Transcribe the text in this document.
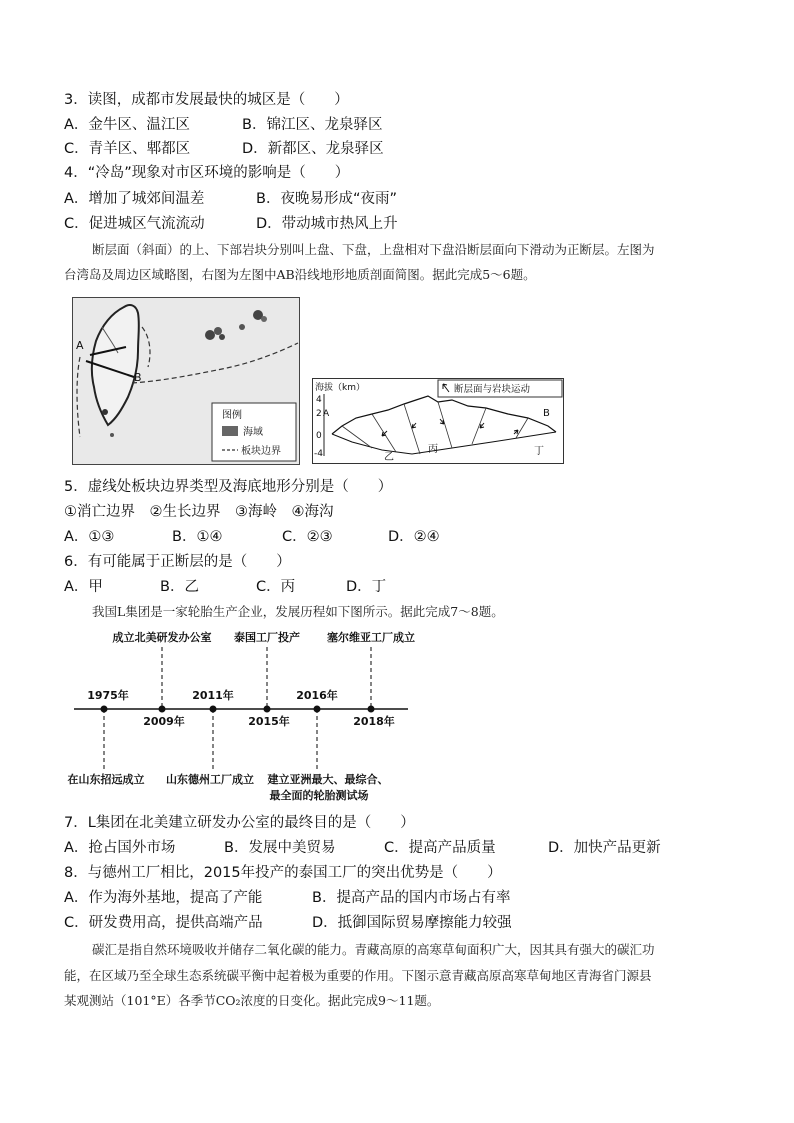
3．读图，成都市发展最快的城区是（　　）
A．金牛区、温江区	B．锦江区、龙泉驿区
C．青羊区、郫都区	D．新都区、龙泉驿区
4．“冷岛”现象对市区环境的影响是（　　）
A．增加了城郊间温差	B．夜晚易形成“夜雨”
C．促进城区气流流动	D．带动城市热风上升
断层面（斜面）的上、下部岩块分别叫上盘、下盘，上盘相对下盘沿断层面向下滑动为正断层。左图为
台湾岛及周边区域略图，右图为左图中AB沿线地形地质剖面简图。据此完成5～6题。
A
B
图例
海域
板块边界
海拔（km）
4
2 A
0
-4
B
乙
丙	丁
断层面与岩块运动
5．虚线处板块边界类型及海底地形分别是（　　）
①消亡边界　②生长边界　③海岭　④海沟
A．①③	B．①④	C．②③	D．②④
6．有可能属于正断层的是（　　）
A．甲	B．乙	C．丙	D．丁
我国L集团是一家轮胎生产企业，发展历程如下图所示。据此完成7～8题。
成立北美研发办公室 泰国工厂投产 塞尔维亚工厂成立
1975年
2009年
2011年
2015年
2016年
2018年
在山东招远成立 山东德州工厂成立 建立亚洲最大、最综合、
最全面的轮胎测试场
7．L集团在北美建立研发办公室的最终目的是（　　）
A．抢占国外市场	B．发展中美贸易	C．提高产品质量	D．加快产品更新
8．与德州工厂相比，2015年投产的泰国工厂的突出优势是（　　）
A．作为海外基地，提高了产能	B．提高产品的国内市场占有率
C．研发费用高，提供高端产品	D．抵御国际贸易摩擦能力较强
碳汇是指自然环境吸收并储存二氧化碳的能力。青藏高原的高寒草甸面积广大，因其具有强大的碳汇功
能，在区域乃至全球生态系统碳平衡中起着极为重要的作用。下图示意青藏高原高寒草甸地区青海省门源县
某观测站（101°E）各季节CO₂浓度的日变化。据此完成9～11题。
